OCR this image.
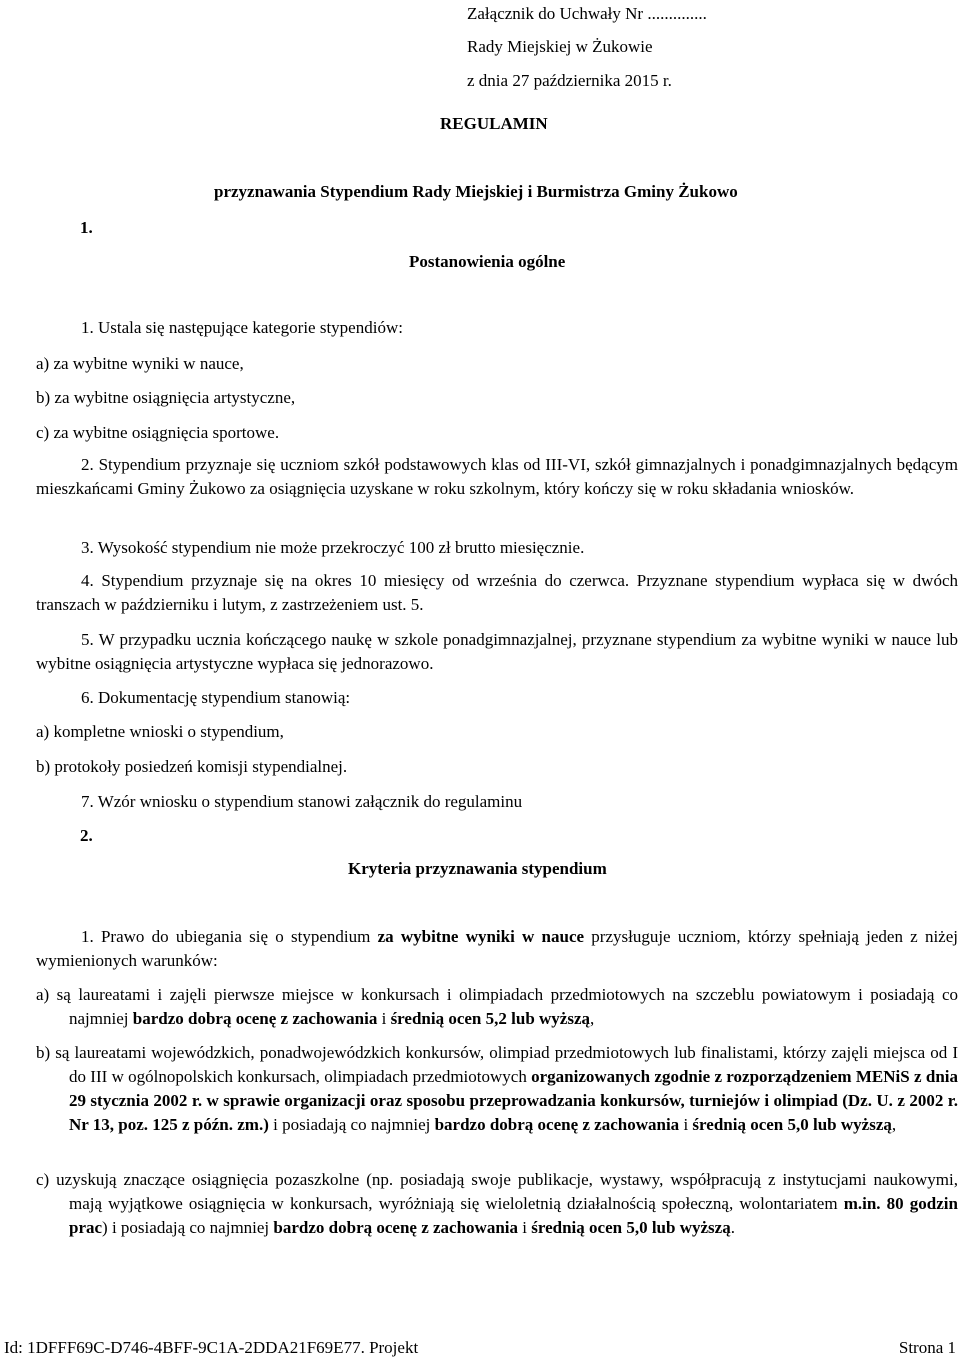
Załącznik do Uchwały Nr ..............
Rady Miejskiej w Żukowie
z dnia 27 października 2015 r.
REGULAMIN
przyznawania Stypendium Rady Miejskiej i Burmistrza Gminy Żukowo
1.
Postanowienia ogólne
1. Ustala się następujące kategorie stypendiów:
a) za wybitne wyniki w nauce,
b) za wybitne osiągnięcia artystyczne,
c) za wybitne osiągnięcia sportowe.
2. Stypendium przyznaje się uczniom szkół podstawowych klas od III-VI, szkół gimnazjalnych i ponadgimnazjalnych będącym mieszkańcami Gminy Żukowo za osiągnięcia uzyskane w roku szkolnym, który kończy się w roku składania wniosków.
3. Wysokość stypendium nie może przekroczyć 100 zł brutto miesięcznie.
4. Stypendium przyznaje się na okres 10 miesięcy od września do czerwca. Przyznane stypendium wypłaca się w dwóch transzach w październiku i lutym, z zastrzeżeniem ust. 5.
5. W przypadku ucznia kończącego naukę w szkole ponadgimnazjalnej, przyznane stypendium za wybitne wyniki w nauce lub wybitne osiągnięcia artystyczne wypłaca się jednorazowo.
6. Dokumentację stypendium stanowią:
a) kompletne wnioski o stypendium,
b) protokoły posiedzeń komisji stypendialnej.
7. Wzór wniosku o stypendium stanowi załącznik do regulaminu
2.
Kryteria przyznawania stypendium
1. Prawo do ubiegania się o stypendium za wybitne wyniki w nauce przysługuje uczniom, którzy spełniają jeden z niżej wymienionych warunków:
a) są laureatami i zajęli pierwsze miejsce w konkursach i olimpiadach przedmiotowych na szczeblu powiatowym i posiadają co najmniej bardzo dobrą ocenę z zachowania i średnią ocen 5,2 lub wyższą,
b) są laureatami wojewódzkich, ponadwojewódzkich konkursów, olimpiad przedmiotowych lub finalistami, którzy zajęli miejsca od I do III w ogólnopolskich konkursach, olimpiadach przedmiotowych organizowanych zgodnie z rozporządzeniem MENiS z dnia 29 stycznia 2002 r. w sprawie organizacji oraz sposobu przeprowadzania konkursów, turniejów i olimpiad (Dz. U. z 2002 r. Nr 13, poz. 125 z późn. zm.) i posiadają co najmniej bardzo dobrą ocenę z zachowania i średnią ocen 5,0 lub wyższą,
c) uzyskują znaczące osiągnięcia pozaszkolne (np. posiadają swoje publikacje, wystawy, współpracują z instytucjami naukowymi, mają wyjątkowe osiągnięcia w konkursach, wyróżniają się wieloletnią działalnością społeczną, wolontariatem m.in. 80 godzin prac) i posiadają co najmniej bardzo dobrą ocenę z zachowania i średnią ocen 5,0 lub wyższą.
Id: 1DFFF69C-D746-4BFF-9C1A-2DDA21F69E77. Projekt	Strona 1
